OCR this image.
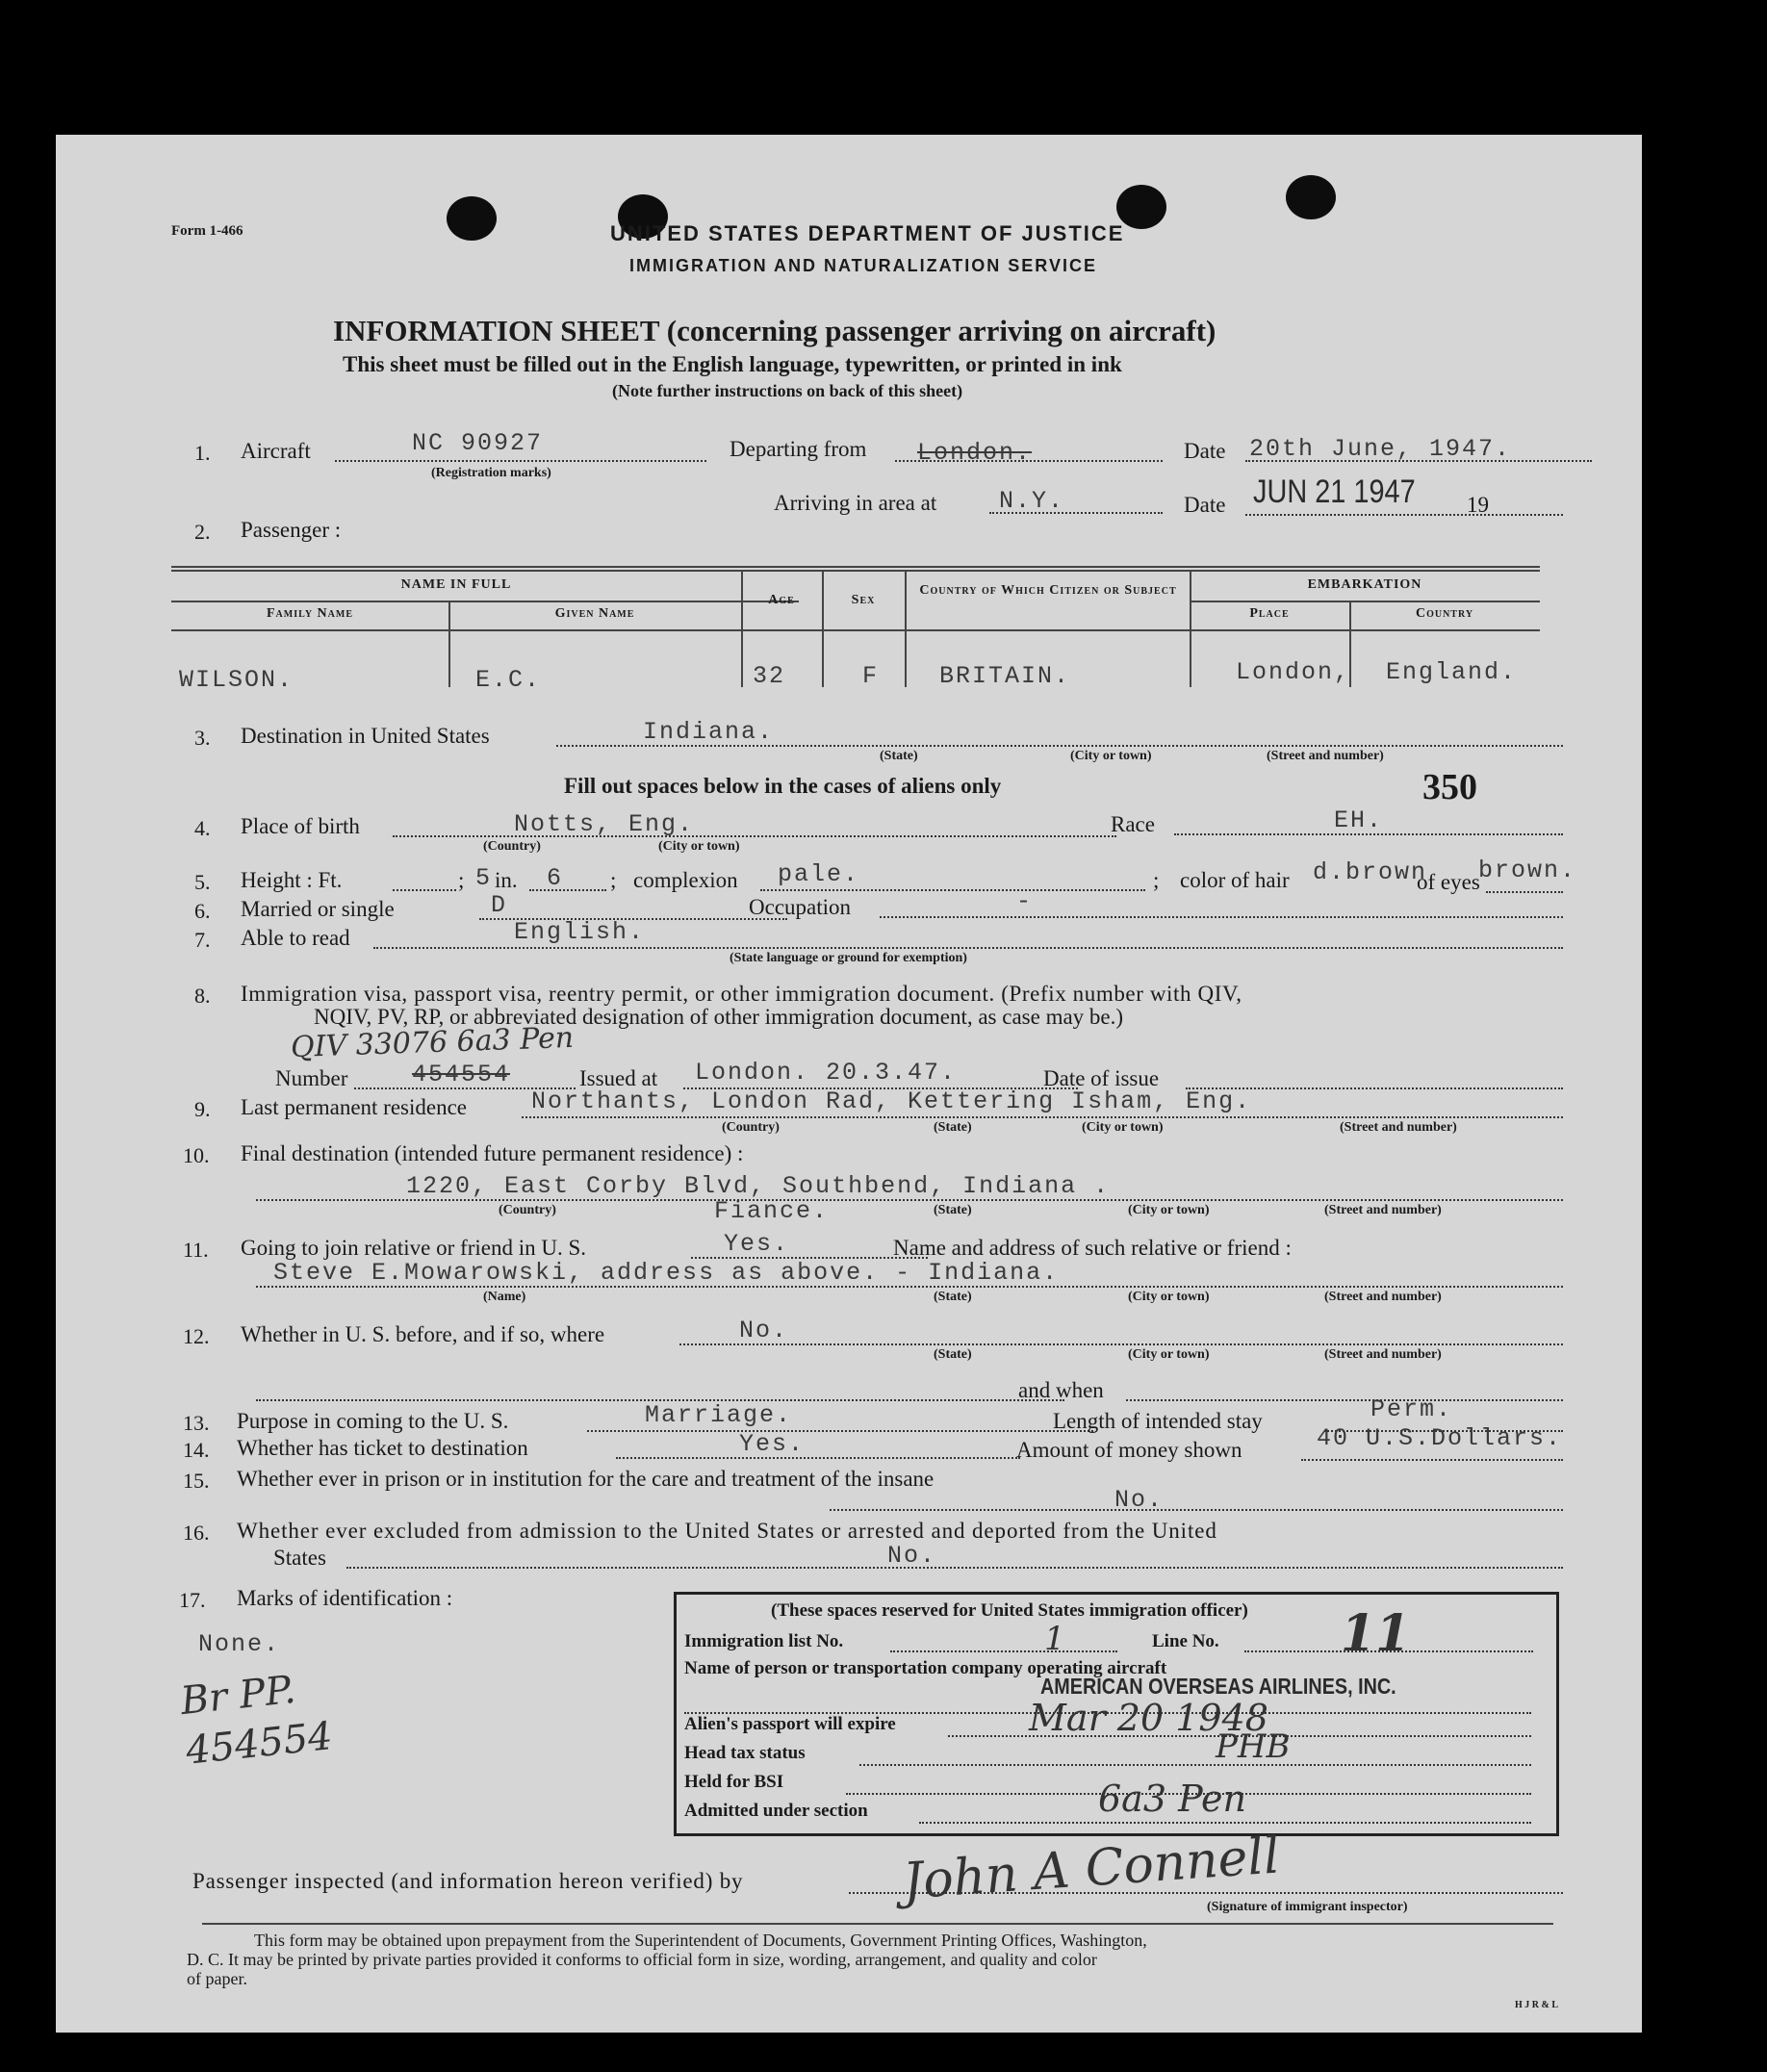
Form 1-466	UNITED STATES DEPARTMENT OF JUSTICE
IMMIGRATION AND NATURALIZATION SERVICE
INFORMATION SHEET (concerning passenger arriving on aircraft)
This sheet must be filled out in the English language, typewritten, or printed in ink
(Note further instructions on back of this sheet)
1. Aircraft	NC 90927
(Registration marks)
Departing from London.	Date 20th June, 1947.
Arriving in area at	N.Y.	Date JUN 21 1947 19
2. Passenger :
NAME IN FULL
Family Name	Given Name
Age	Sex
Country of Which Citizen or Subject	EMBARKATION
Place	Country
WILSON.	E.C.	32	F	BRITAIN.	London, England.
3. Destination in United States	Indiana.
(State)	(City or town)	(Street and number)
Fill out spaces below in the cases of aliens only	350
4. Place of birth	Notts, Eng.
(Country)	(City or town)
Race	EH.
5. Height : Ft.	; 5 in. 6 ; complexion pale.	; color of hair d.brown
of eyes
brown.
6. Married or single	D	Occupation	-
7. Able to read	English.
(State language or ground for exemption)
8. Immigration visa, passport visa, reentry permit, or other immigration document. (Prefix number with QIV,
NQIV, PV, RP, or abbreviated designation of other immigration document, as case may be.)
QIV 33076 6a3 Pen
Number	454554	Issued at London. 20.3.47.	Date of issue
9. Last permanent residence	Northants, London Rad, Kettering Isham, Eng.
(Country)	(State)	(City or town)	(Street and number)
10. Final destination (intended future permanent residence) :
1220, East Corby Blvd, Southbend, Indiana .
Fiance.
(Country)	(State)	(City or town)	(Street and number)
11. Going to join relative or friend in U. S.	Yes.	Name and address of such relative or friend :
Steve E.Mowarowski, address as above. - Indiana.
(Name)	(State)	(City or town)	(Street and number)
12. Whether in U. S. before, and if so, where	No.
(State)	(City or town)	(Street and number)
and when
13. Purpose in coming to the U. S.	Marriage.	Length of intended stay	Perm.
14. Whether has ticket to destination	Yes.	Amount of money shown	40 U.S.Dollars.
15. Whether ever in prison or in institution for the care and treatment of the insane
No.
16. Whether ever excluded from admission to the United States or arrested and deported from the United
States	No.
17. Marks of identification :
None.
Br PP. 454554
(These spaces reserved for United States immigration officer)
Immigration list No.	1	Line No. 11
Name of person or transportation company operating aircraft
AMERICAN OVERSEAS AIRLINES, INC.
Alien's passport will expire	Mar 20 1948
Head tax status	PHB
Held for BSI
Admitted under section	6a3 Pen
Passenger inspected (and information hereon verified) by	John A Connell
(Signature of immigrant inspector)
This form may be obtained upon prepayment from the Superintendent of Documents, Government Printing Offices, Washington,
D. C. It may be printed by private parties provided it conforms to official form in size, wording, arrangement, and quality and color
of paper.
H J R & L
